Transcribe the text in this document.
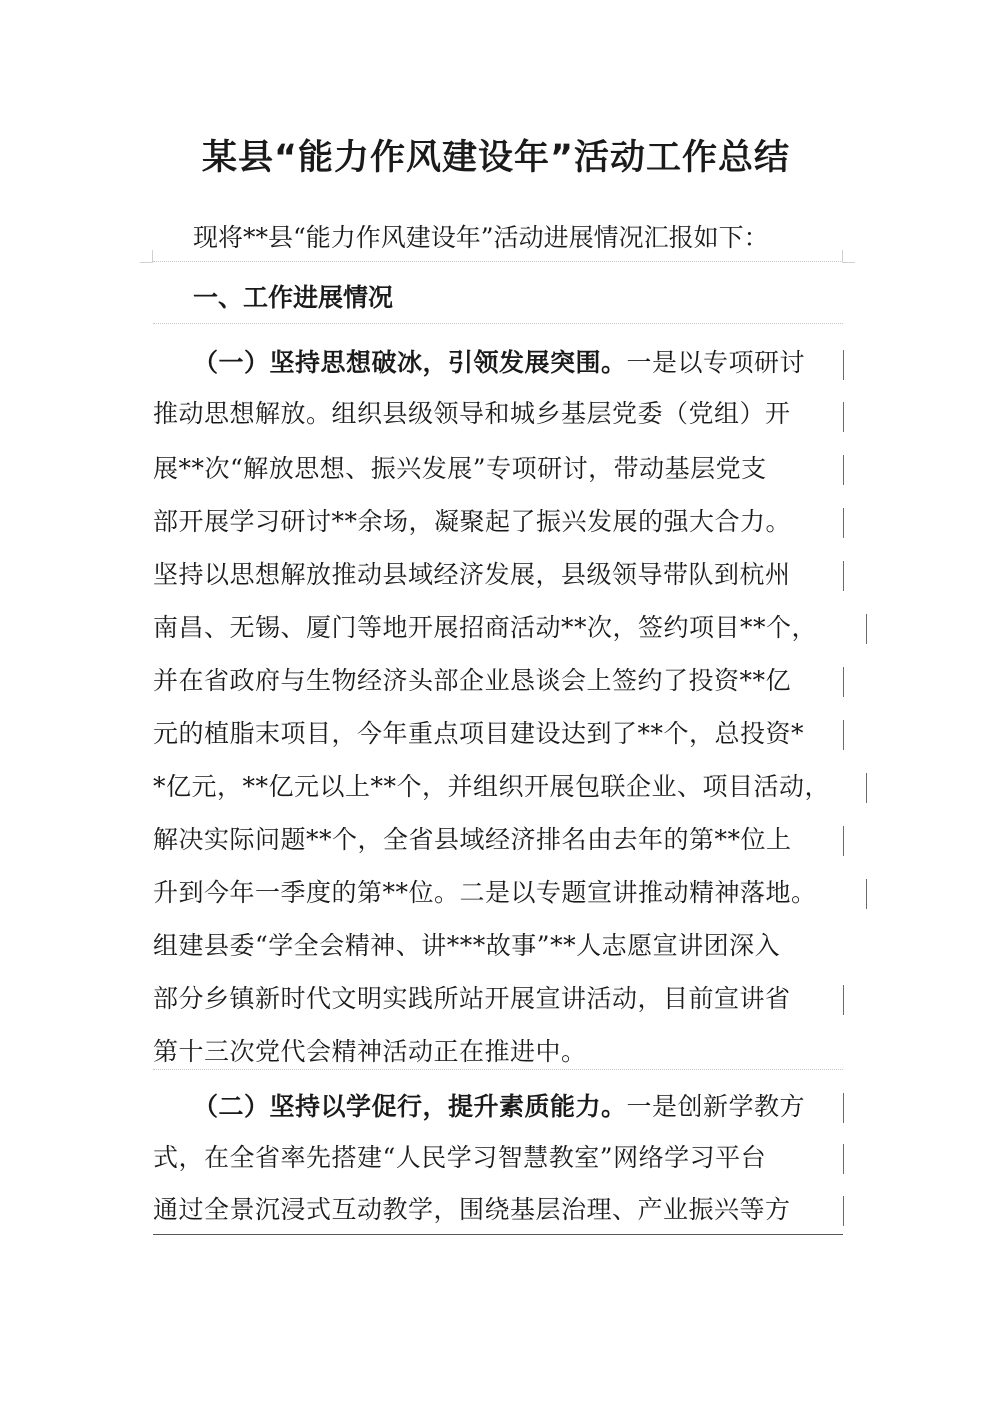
某县“能力作风建设年”活动工作总结
现将**县“能力作风建设年”活动进展情况汇报如下：
一、工作进展情况
（一）坚持思想破冰，引领发展突围。一是以专项研讨
推动思想解放。组织县级领导和城乡基层党委（党组）开
展**次“解放思想、振兴发展”专项研讨，带动基层党支
部开展学习研讨**余场，凝聚起了振兴发展的强大合力。
坚持以思想解放推动县域经济发展，县级领导带队到杭州
南昌、无锡、厦门等地开展招商活动**次，签约项目**个，
并在省政府与生物经济头部企业恳谈会上签约了投资**亿
元的植脂末项目，今年重点项目建设达到了**个，总投资*
*亿元，**亿元以上**个，并组织开展包联企业、项目活动，
解决实际问题**个，全省县域经济排名由去年的第**位上
升到今年一季度的第**位。二是以专题宣讲推动精神落地。
组建县委“学全会精神、讲***故事”**人志愿宣讲团深入
部分乡镇新时代文明实践所站开展宣讲活动，目前宣讲省
第十三次党代会精神活动正在推进中。
（二）坚持以学促行，提升素质能力。一是创新学教方
式，在全省率先搭建“人民学习智慧教室”网络学习平台
通过全景沉浸式互动教学，围绕基层治理、产业振兴等方
